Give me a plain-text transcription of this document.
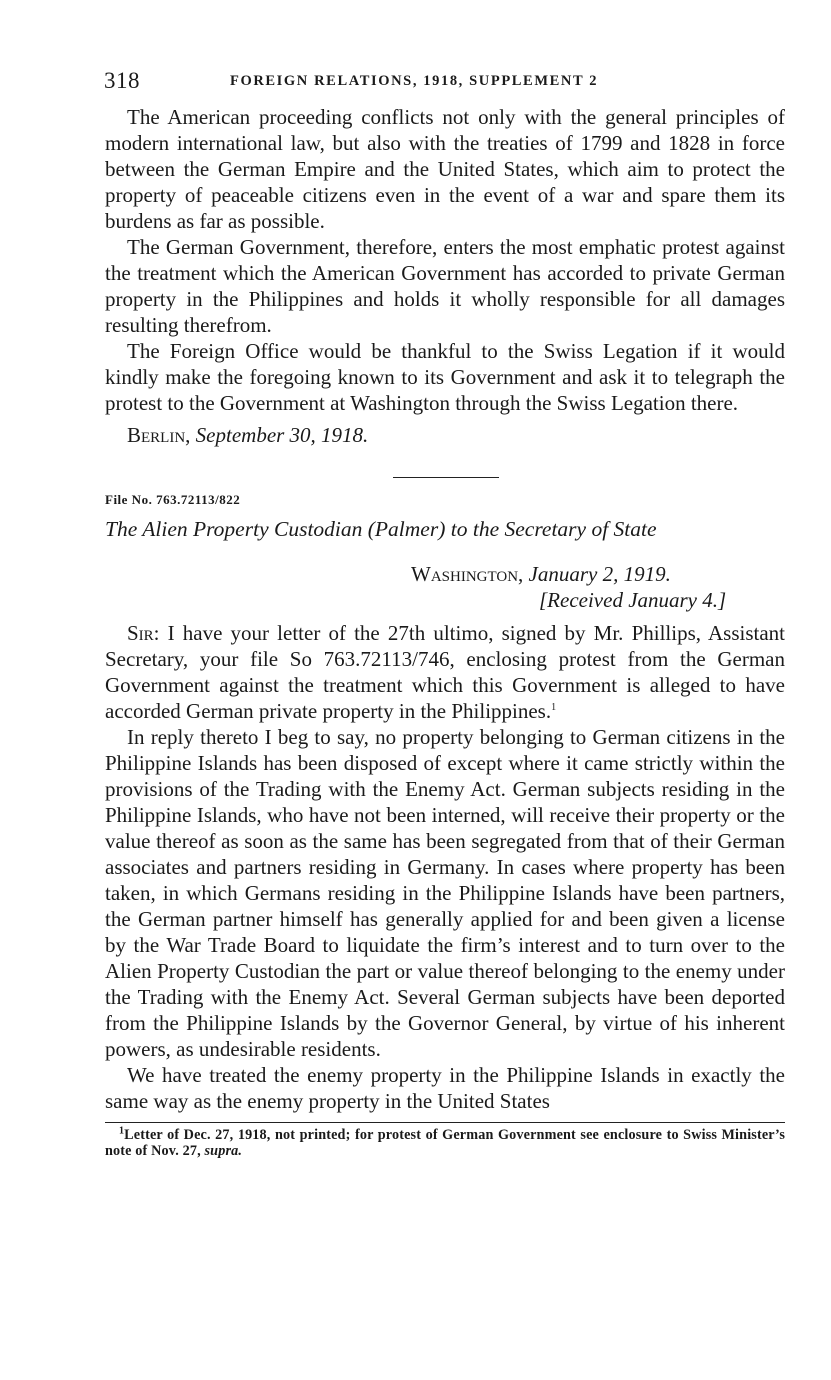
318	FOREIGN RELATIONS, 1918, SUPPLEMENT 2

The American proceeding conflicts not only with the general principles of modern international law, but also with the treaties of 1799 and 1828 in force between the German Empire and the United States, which aim to protect the property of peaceable citizens even in the event of a war and spare them its burdens as far as possible.

The German Government, therefore, enters the most emphatic protest against the treatment which the American Government has accorded to private German property in the Philippines and holds it wholly responsible for all damages resulting therefrom.

The Foreign Office would be thankful to the Swiss Legation if it would kindly make the foregoing known to its Government and ask it to telegraph the protest to the Government at Washington through the Swiss Legation there.

Berlin, September 30, 1918.
File No. 763.72113/822
The Alien Property Custodian (Palmer) to the Secretary of State
Washington, January 2, 1919.
[Received January 4.]

Sir: I have your letter of the 27th ultimo, signed by Mr. Phillips, Assistant Secretary, your file So 763.72113/746, enclosing protest from the German Government against the treatment which this Government is alleged to have accorded German private property in the Philippines.$^1$

In reply thereto I beg to say, no property belonging to German citizens in the Philippine Islands has been disposed of except where it came strictly within the provisions of the Trading with the Enemy Act. German subjects residing in the Philippine Islands, who have not been interned, will receive their property or the value thereof as soon as the same has been segregated from that of their German associates and partners residing in Germany. In cases where property has been taken, in which Germans residing in the Philippine Islands have been partners, the German partner himself has generally applied for and been given a license by the War Trade Board to liquidate the firm’s interest and to turn over to the Alien Property Custodian the part or value thereof belonging to the enemy under the Trading with the Enemy Act. Several German subjects have been deported from the Philippine Islands by the Governor General, by virtue of his inherent powers, as undesirable residents.

We have treated the enemy property in the Philippine Islands in exactly the same way as the enemy property in the United States

$^1$Letter of Dec. 27, 1918, not printed; for protest of German Government see enclosure to Swiss Minister’s note of Nov. 27, supra.
